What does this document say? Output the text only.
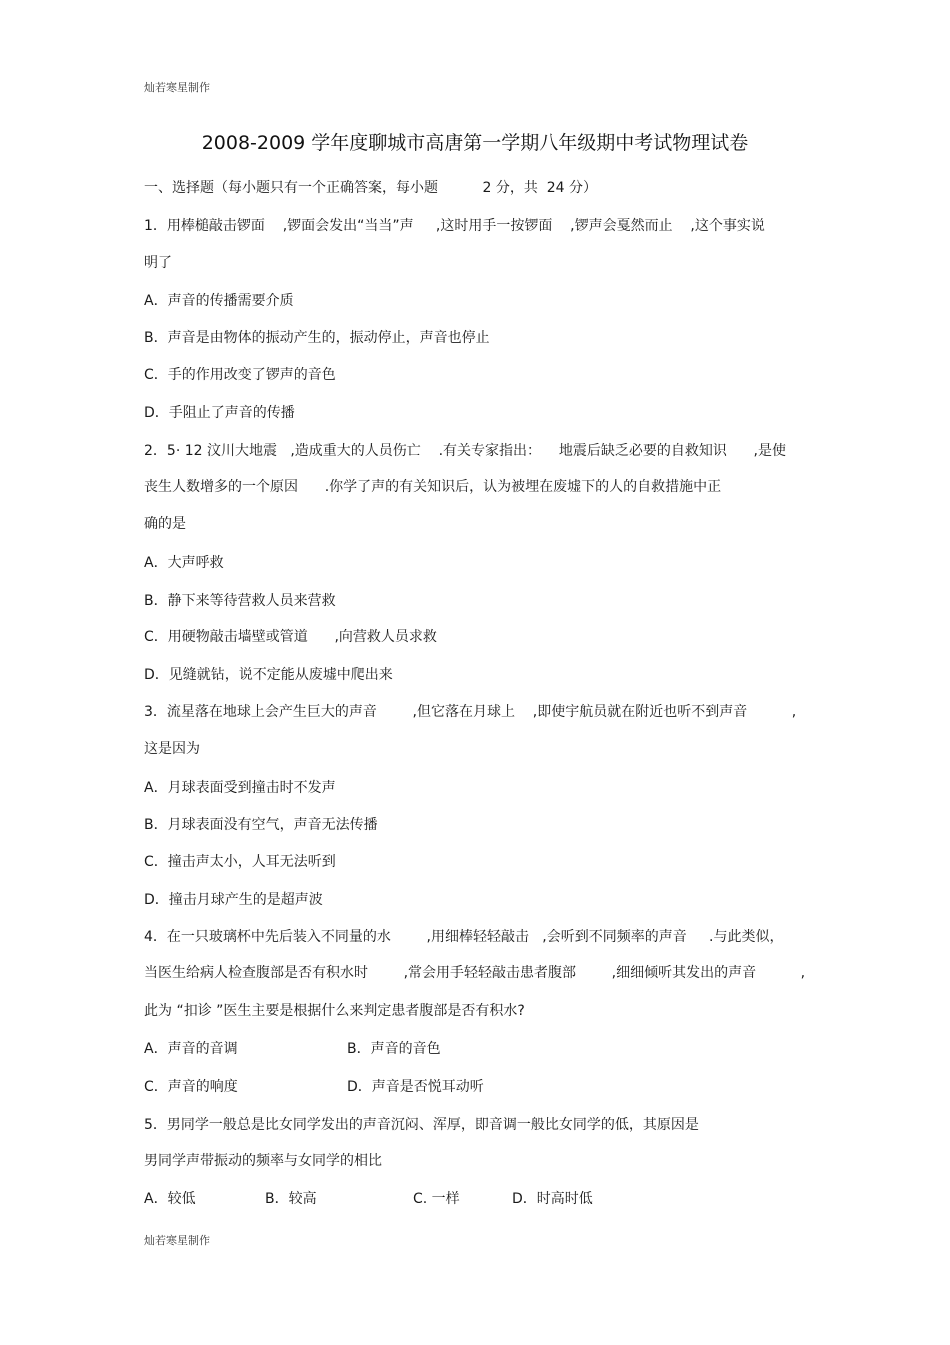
灿若寒星制作
2008-2009 学年度聊城市高唐第一学期八年级期中考试物理试卷
一、选择题（每小题只有一个正确答案，每小题          2 分，共  24 分）
1．用棒槌敲击锣面    ,锣面会发出“当当”声     ,这时用手一按锣面    ,锣声会戛然而止    ,这个事实说
明了
A．声音的传播需要介质
B．声音是由物体的振动产生的，振动停止，声音也停止
C．手的作用改变了锣声的音色
D．手阻止了声音的传播
2．5· 12 汶川大地震   ,造成重大的人员伤亡    .有关专家指出：    地震后缺乏必要的自救知识      ,是使
丧生人数增多的一个原因      .你学了声的有关知识后，认为被埋在废墟下的人的自救措施中正
确的是
A．大声呼救
B．静下来等待营救人员来营救
C．用硬物敲击墙壁或管道      ,向营救人员求救
D．见缝就钻，说不定能从废墟中爬出来
3．流星落在地球上会产生巨大的声音        ,但它落在月球上    ,即使宇航员就在附近也听不到声音          ,
这是因为
A．月球表面受到撞击时不发声
B．月球表面没有空气，声音无法传播
C．撞击声太小，人耳无法听到
D．撞击月球产生的是超声波
4．在一只玻璃杯中先后装入不同量的水        ,用细棒轻轻敲击   ,会听到不同频率的声音     .与此类似，
当医生给病人检查腹部是否有积水时        ,常会用手轻轻敲击患者腹部        ,细细倾听其发出的声音          ,
此为 “扣诊 ”医生主要是根据什么来判定患者腹部是否有积水?
A．声音的音调	B．声音的音色
C．声音的响度	D．声音是否悦耳动听
5．男同学一般总是比女同学发出的声音沉闷、浑厚，即音调一般比女同学的低，其原因是
男同学声带振动的频率与女同学的相比
A．较低	B．较高	C. 一样	D．时高时低
灿若寒星制作
